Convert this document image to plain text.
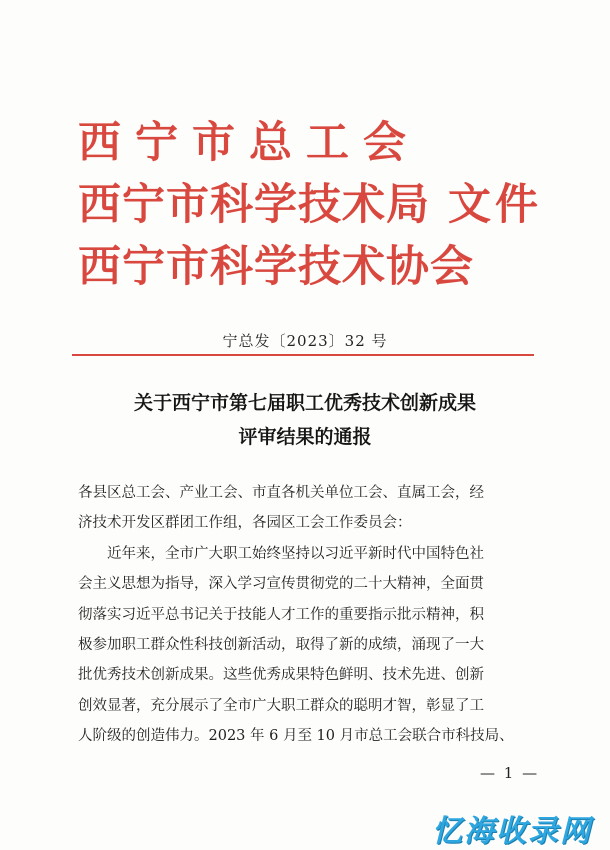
西宁市总工会
西宁市科学技术局 文件
西宁市科学技术协会
宁总发〔2023〕32 号
关于西宁市第七届职工优秀技术创新成果
评审结果的通报
各县区总工会、产业工会、市直各机关单位工会、直属工会，经
济技术开发区群团工作组，各园区工会工作委员会：
近年来，全市广大职工始终坚持以习近平新时代中国特色社
会主义思想为指导，深入学习宣传贯彻党的二十大精神，全面贯
彻落实习近平总书记关于技能人才工作的重要指示批示精神，积
极参加职工群众性科技创新活动，取得了新的成绩，涌现了一大
批优秀技术创新成果。这些优秀成果特色鲜明、技术先进、创新
创效显著，充分展示了全市广大职工群众的聪明才智，彰显了工
人阶级的创造伟力。2023 年 6 月至 10 月市总工会联合市科技局、
— 1 —
忆海收录网
